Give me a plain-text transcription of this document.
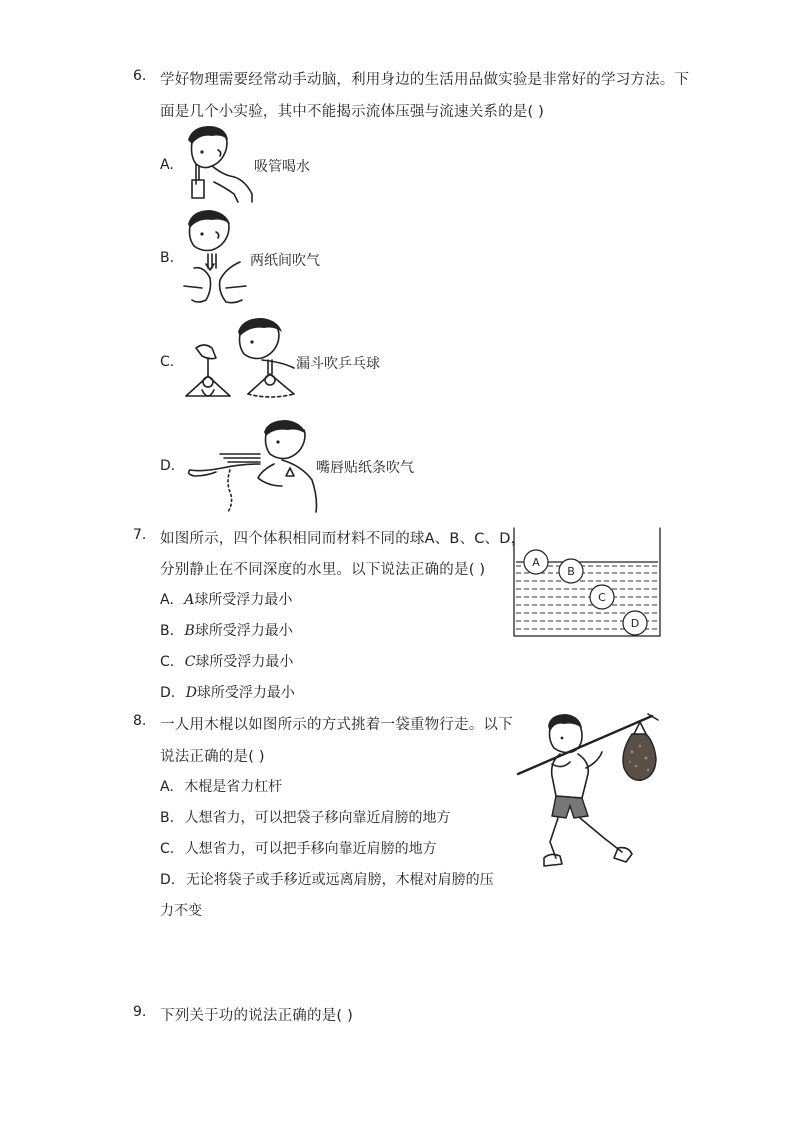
6. 学好物理需要经常动手动脑，利用身边的生活用品做实验是非常好的学习方法。下
面是几个小实验，其中不能揭示流体压强与流速关系的是( )
A.	吸管喝水
B.	两纸间吹气
C.	漏斗吹乒乓球
D.	嘴唇贴纸条吹气
7. 如图所示，四个体积相同而材料不同的球A、B、C、D，
分别静止在不同深度的水里。以下说法正确的是( )
A. A球所受浮力最小
B. B球所受浮力最小
C. C球所受浮力最小
D. D球所受浮力最小
A
B
C
D
8. 一人用木棍以如图所示的方式挑着一袋重物行走。以下
说法正确的是( )
A. 木棍是省力杠杆
B. 人想省力，可以把袋子移向靠近肩膀的地方
C. 人想省力，可以把手移向靠近肩膀的地方
D. 无论将袋子或手移近或远离肩膀，木棍对肩膀的压
力不变
9. 下列关于功的说法正确的是( )
